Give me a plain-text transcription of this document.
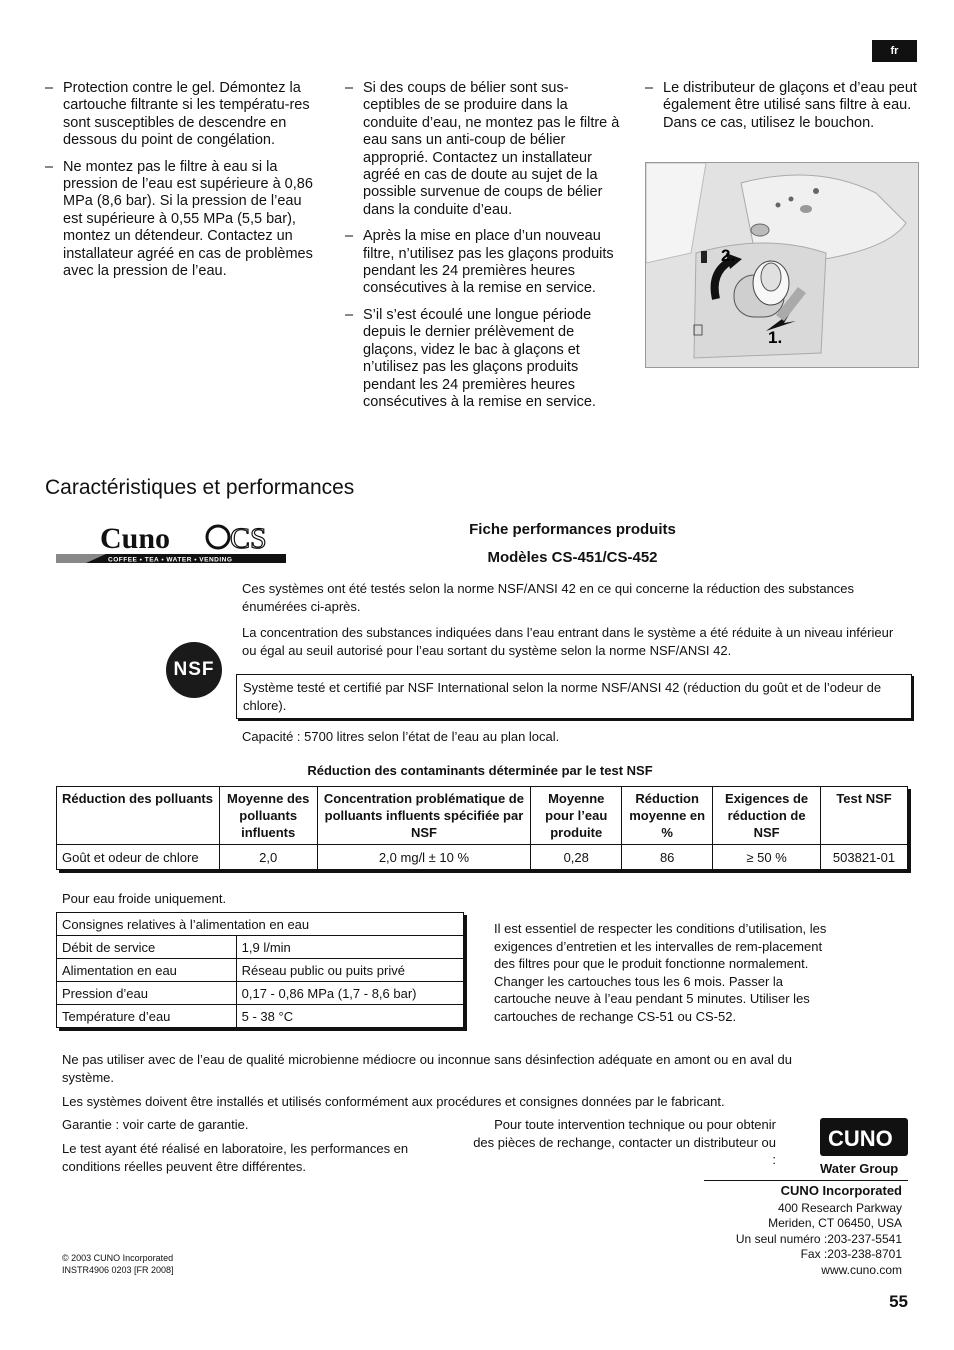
fr
– Protection contre le gel. Démontez la cartouche filtrante si les températu-res sont susceptibles de descendre en dessous du point de congélation.
– Ne montez pas le filtre à eau si la pression de l’eau est supérieure à 0,86 MPa (8,6 bar). Si la pression de l’eau est supérieure à 0,55 MPa (5,5 bar), montez un détendeur. Contactez un installateur agréé en cas de problèmes avec la pression de l’eau.
– Si des coups de bélier sont sus-ceptibles de se produire dans la conduite d’eau, ne montez pas le filtre à eau sans un anti-coup de bélier approprié. Contactez un installateur agréé en cas de doute au sujet de la possible survenue de coups de bélier dans la conduite d’eau.
– Après la mise en place d’un nouveau filtre, n’utilisez pas les glaçons produits pendant les 24 premières heures consécutives à la remise en service.
– S’il s’est écoulé une longue période depuis le dernier prélèvement de glaçons, videz le bac à glaçons et n’utilisez pas les glaçons produits pendant les 24 premières heures consécutives à la remise en service.
– Le distributeur de glaçons et d’eau peut également être utilisé sans filtre à eau. Dans ce cas, utilisez le bouchon.
2.
1.
Caractéristiques et performances
Cuno CS
COFFEE • TEA • WATER • VENDING
Fiche performances produits
Modèles CS-451/CS-452
Ces systèmes ont été testés selon la norme NSF/ANSI 42 en ce qui concerne la réduction des substances énumérées ci-après.
La concentration des substances indiquées dans l’eau entrant dans le système a été réduite à un niveau inférieur ou égal au seuil autorisé pour l’eau sortant du système selon la norme NSF/ANSI 42.
NSF
Système testé et certifié par NSF International selon la norme NSF/ANSI 42 (réduction du goût et de l’odeur de chlore).
Capacité : 5700 litres selon l’état de l’eau au plan local.
Réduction des contaminants déterminée par le test NSF
Réduction des polluants	Moyenne des polluants influents	Concentration problématique de polluants influents spécifiée par NSF	Moyenne pour l’eau produite	Réduction moyenne en %	Exigences de réduction de NSF	Test NSF
Goût et odeur de chlore	2,0	2,0 mg/l ± 10 %	0,28	86	≥ 50 %	503821-01
Pour eau froide uniquement.
Consignes relatives à l’alimentation en eau	
Débit de service	1,9 l/min
Alimentation en eau	Réseau public ou puits privé
Pression d’eau	0,17 - 0,86 MPa (1,7 - 8,6 bar)
Température d’eau	5 - 38 °C
Il est essentiel de respecter les conditions d’utilisation, les exigences d’entretien et les intervalles de rem-placement des filtres pour que le produit fonctionne normalement. Changer les cartouches tous les 6 mois. Passer la cartouche neuve à l’eau pendant 5 minutes. Utiliser les cartouches de rechange CS-51 ou CS-52.
Ne pas utiliser avec de l’eau de qualité microbienne médiocre ou inconnue sans désinfection adéquate en amont ou en aval du système.
Les systèmes doivent être installés et utilisés conformément aux procédures et consignes données par le fabricant.
Garantie : voir carte de garantie.
Le test ayant été réalisé en laboratoire, les performances en conditions réelles peuvent être différentes.
Pour toute intervention technique ou pour obtenir des pièces de rechange, contacter un distributeur ou :
CUNO
Water Group
CUNO Incorporated
400 Research Parkway
Meriden, CT 06450, USA
Un seul numéro :203-237-5541
Fax :203-238-8701
www.cuno.com
© 2003 CUNO Incorporated
INSTR4906 0203 [FR 2008]
55
